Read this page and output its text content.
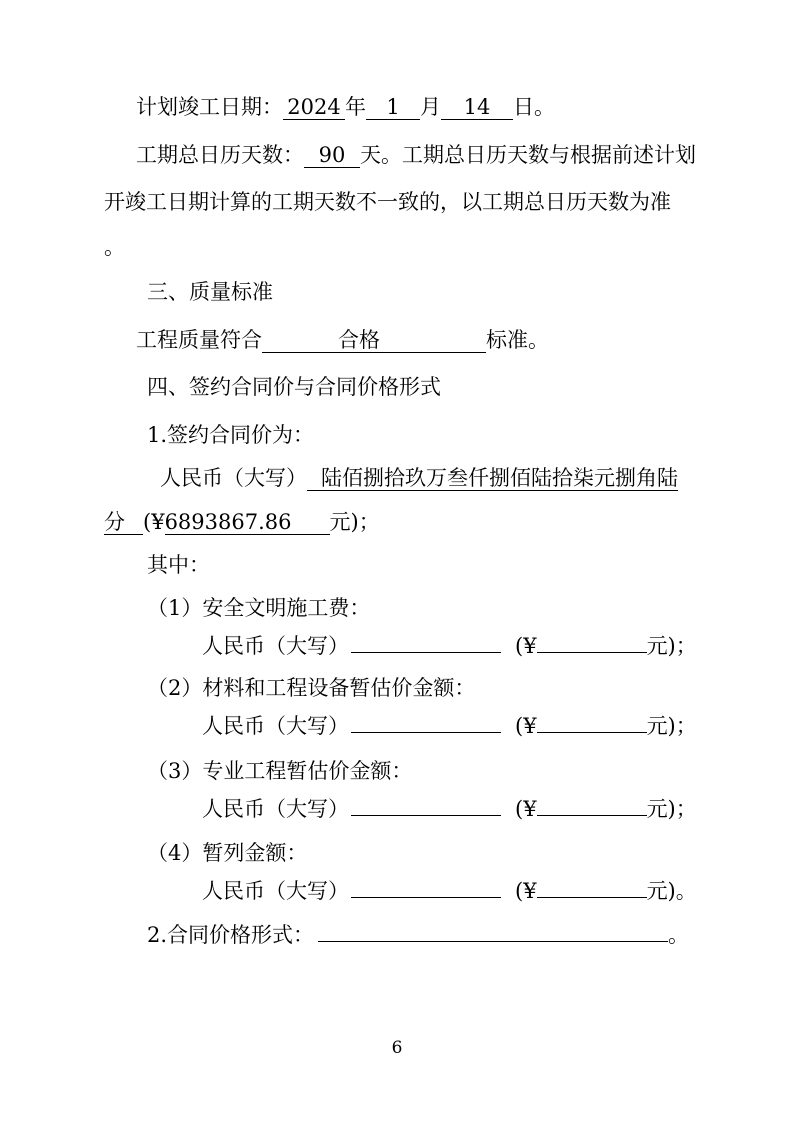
计划竣工日期： 2024 年 1 月 14 日。
工期总日历天数： 90 天。工期总日历天数与根据前述计划
开竣工日期计算的工期天数不一致的，以工期总日历天数为准
。
三、质量标准
工程质量符合	合格	标准。
四、签约合同价与合同价格形式
1.签约合同价为：
人民币（大写） 陆佰捌拾玖万叁仟捌佰陆拾柒元捌角陆
分 (¥6893867.86 元)；
其中：
（1）安全文明施工费：
人民币（大写）	(¥	元)；
（2）材料和工程设备暂估价金额：
人民币（大写）	(¥	元)；
（3）专业工程暂估价金额：
人民币（大写）	(¥	元)；
（4）暂列金额：
人民币（大写）	(¥	元)。
2.合同价格形式：	。
6
